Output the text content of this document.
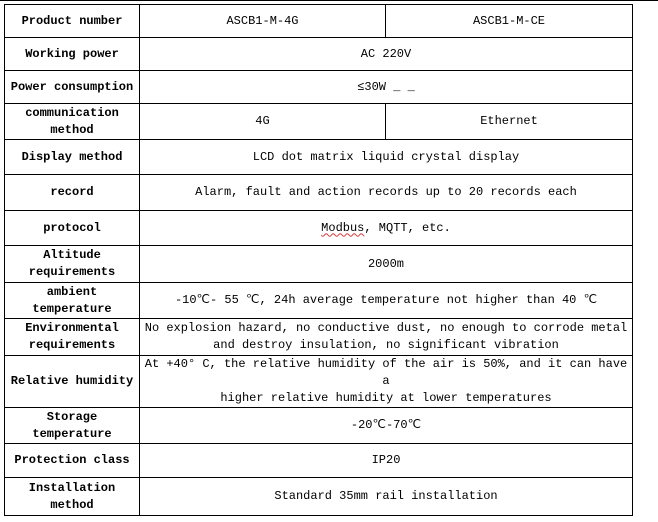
Product number	ASCB1-M-4G	ASCB1-M-CE
Working power	AC 220V	
Power consumption	≤30W _ _	
communication
method	4G	Ethernet
Display method	LCD dot matrix liquid crystal display	
record	Alarm, fault and action records up to 20 records each	
protocol	Modbus, MQTT, etc.	
Altitude
requirements	2000m	
ambient temperature	-10℃- 55 ℃, 24h average temperature not higher than 40 ℃	
Environmental
requirements	No explosion hazard, no conductive dust, no enough to corrode metal
and destroy insulation, no significant vibration	
Relative humidity	At +40° C, the relative humidity of the air is 50%, and it can have a
higher relative humidity at lower temperatures	
Storage temperature	-20℃-70℃	
Protection class	IP20	
Installation
method	Standard 35mm rail installation	
